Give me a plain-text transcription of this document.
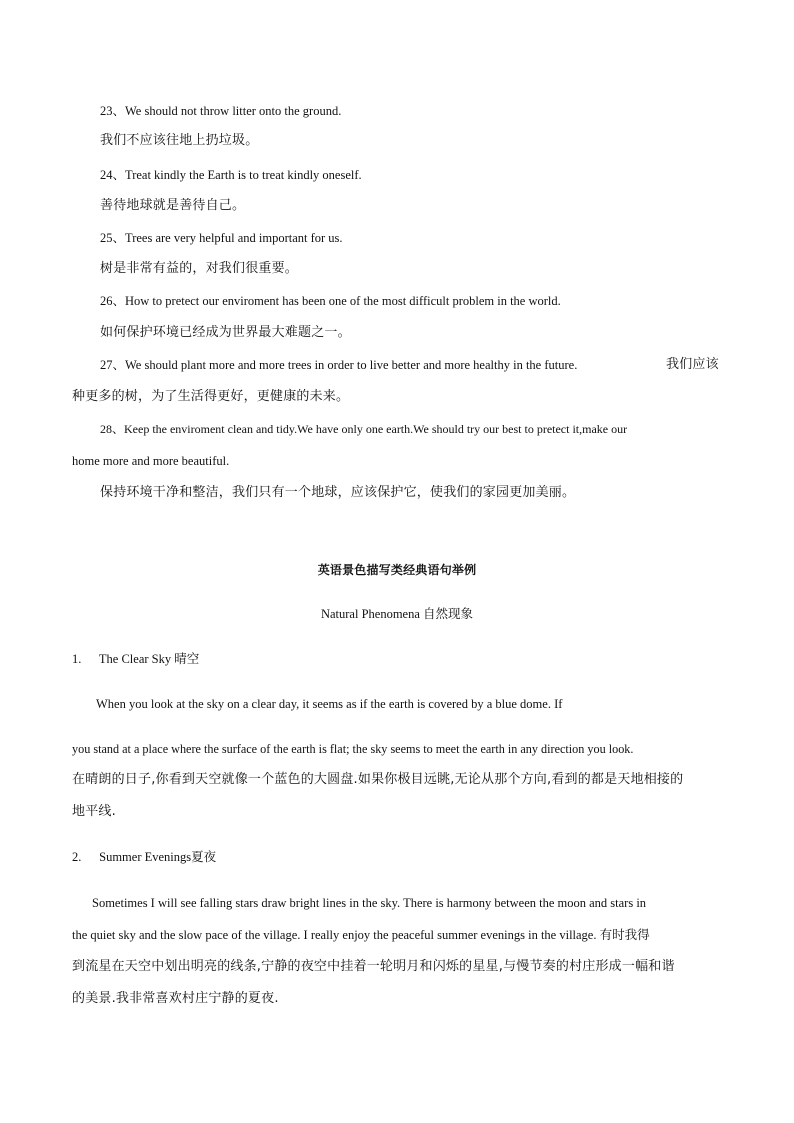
23、We should not throw litter onto the ground.
我们不应该往地上扔垃圾。
24、Treat kindly the Earth is to treat kindly oneself.
善待地球就是善待自己。
25、Trees are very helpful and important for us.
树是非常有益的，对我们很重要。
26、How to pretect our enviroment has been one of the most difficult problem in the world.
如何保护环境已经成为世界最大难题之一。
27、We should plant more and more trees in order to live better and more healthy in the future.	我们应该
种更多的树，为了生活得更好，更健康的未来。
28、Keep the enviroment clean and tidy.We have only one earth.We should try our best to pretect it,make our
home more and more beautiful.
保持环境干净和整洁，我们只有一个地球，应该保护它，使我们的家园更加美丽。
英语景色描写类经典语句举例
Natural Phenomena 自然现象
1. The Clear Sky 晴空
When you look at the sky on a clear day, it seems as if the earth is covered by a blue dome. If
you stand at a place where the surface of the earth is flat; the sky seems to meet the earth in any direction you look.
在晴朗的日子,你看到天空就像一个蓝色的大圆盘.如果你极目远眺,无论从那个方向,看到的都是天地相接的
地平线.
2. Summer Evenings夏夜
Sometimes I will see falling stars draw bright lines in the sky. There is harmony between the moon and stars in
the quiet sky and the slow pace of the village. I really enjoy the peaceful summer evenings in the village. 有时我得
到流星在天空中划出明亮的线条,宁静的夜空中挂着一轮明月和闪烁的星星,与慢节奏的村庄形成一幅和谐
的美景.我非常喜欢村庄宁静的夏夜.
